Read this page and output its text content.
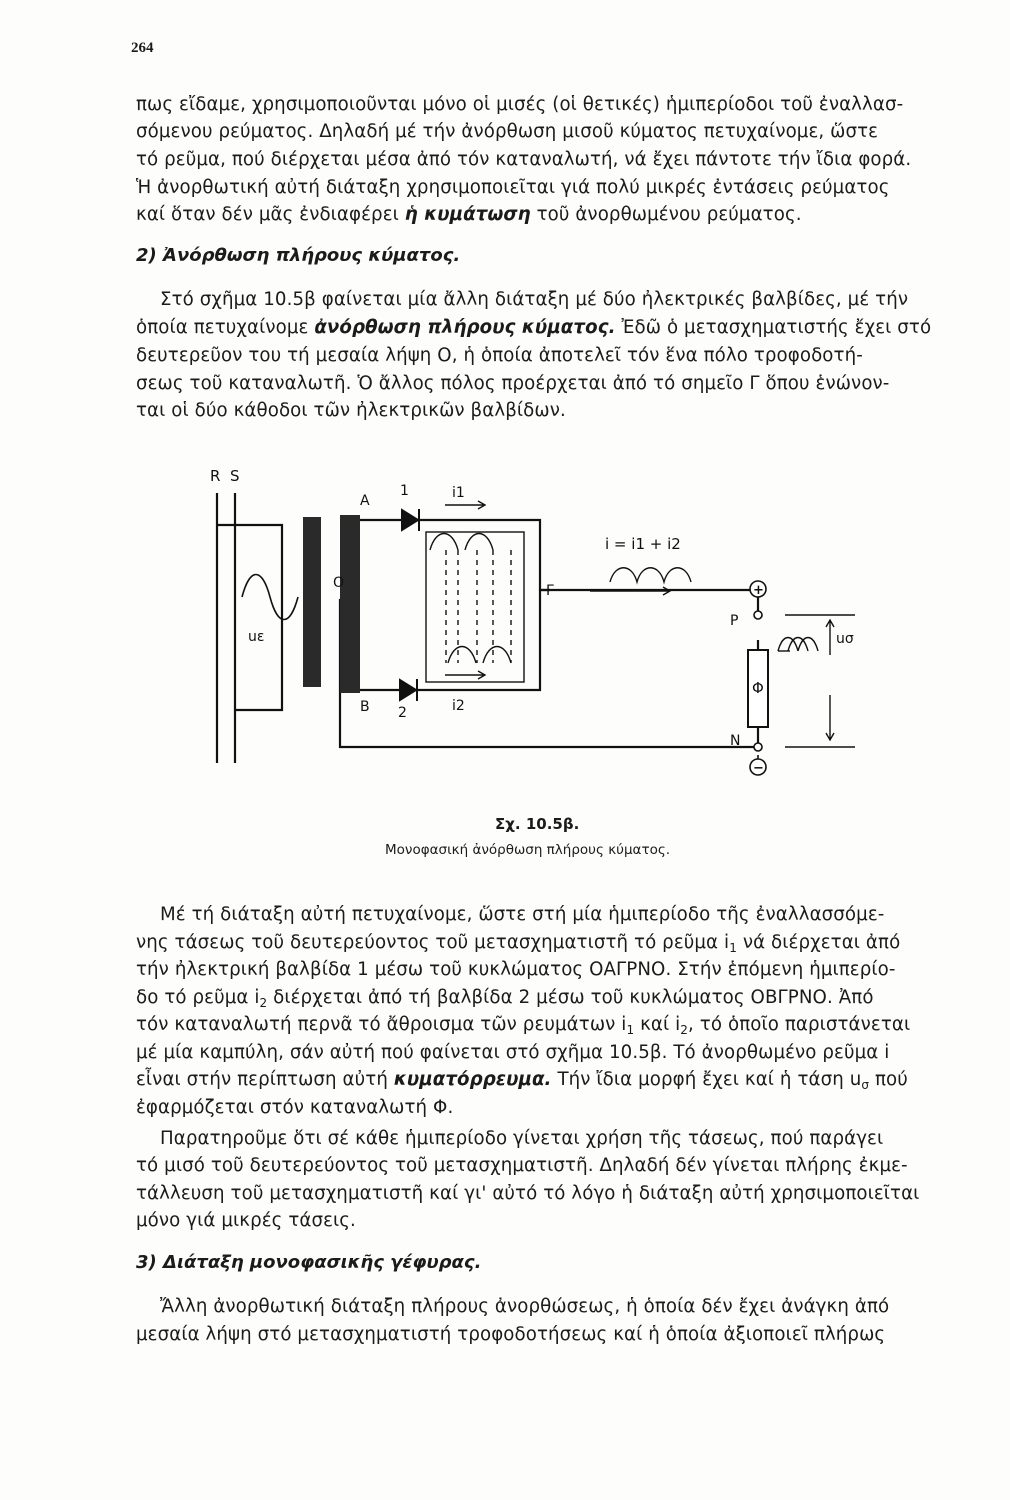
264
πως εἴδαμε, χρησιμοποιοῦνται μόνο οἱ μισές (οἱ θετικές) ἡμιπερίοδοι τοῦ ἐναλλασ-
σόμενου ρεύματος. Δηλαδή μέ τήν ἀνόρθωση μισοῦ κύματος πετυχαίνομε, ὥστε
τό ρεῦμα, πού διέρχεται μέσα ἀπό τόν καταναλωτή, νά ἔχει πάντοτε τήν ἴδια φορά.
Ἡ ἀνορθωτική αὐτή διάταξη χρησιμοποιεῖται γιά πολύ μικρές ἐντάσεις ρεύματος
καί ὅταν δέν μᾶς ἐνδιαφέρει ἡ κυμάτωση τοῦ ἀνορθωμένου ρεύματος.
2) Ἀνόρθωση πλήρους κύματος.
Στό σχῆμα 10.5β φαίνεται μία ἄλλη διάταξη μέ δύο ἠλεκτρικές βαλβίδες, μέ τήν
ὁποία πετυχαίνομε ἀνόρθωση πλήρους κύματος. Ἐδῶ ὁ μετασχηματιστής ἔχει στό
δευτερεῦον του τή μεσαία λήψη Ο, ἡ ὁποία ἀποτελεῖ τόν ἕνα πόλο τροφοδοτή-
σεως τοῦ καταναλωτῆ. Ὁ ἄλλος πόλος προέρχεται ἀπό τό σημεῖο Γ ὅπου ἑνώνον-
ται οἱ δύο κάθοδοι τῶν ἠλεκτρικῶν βαλβίδων.
R S
uε
O
A
B
1
2
i1
i2
i = i1 + i2
Γ
P
N
Φ
uσ
+
−
Σχ. 10.5β.
Μονοφασική ἀνόρθωση πλήρους κύματος.
Μέ τή διάταξη αὐτή πετυχαίνομε, ὥστε στή μία ἡμιπερίοδο τῆς ἐναλλασσόμε-
νης τάσεως τοῦ δευτερεύοντος τοῦ μετασχηματιστῆ τό ρεῦμα $i_1$ νά διέρχεται ἀπό
τήν ἠλεκτρική βαλβίδα 1 μέσω τοῦ κυκλώματος ΟΑΓΡΝΟ. Στήν ἑπόμενη ἡμιπερίο-
δο τό ρεῦμα $i_2$ διέρχεται ἀπό τή βαλβίδα 2 μέσω τοῦ κυκλώματος ΟΒΓΡΝΟ. Ἀπό
τόν καταναλωτή περνᾶ τό ἄθροισμα τῶν ρευμάτων $i_1$ καί $i_2$, τό ὁποῖο παριστάνεται
μέ μία καμπύλη, σάν αὐτή πού φαίνεται στό σχῆμα 10.5β. Τό ἀνορθωμένο ρεῦμα i
εἶναι στήν περίπτωση αὐτή κυματόρρευμα. Τήν ἴδια μορφή ἔχει καί ἡ τάση $u_\sigma$ πού
ἐφαρμόζεται στόν καταναλωτή Φ.
Παρατηροῦμε ὅτι σέ κάθε ἡμιπερίοδο γίνεται χρήση τῆς τάσεως, πού παράγει
τό μισό τοῦ δευτερεύοντος τοῦ μετασχηματιστῆ. Δηλαδή δέν γίνεται πλήρης ἐκμε-
τάλλευση τοῦ μετασχηματιστῆ καί γι' αὐτό τό λόγο ἡ διάταξη αὐτή χρησιμοποιεῖται
μόνο γιά μικρές τάσεις.
3) Διάταξη μονοφασικῆς γέφυρας.
Ἄλλη ἀνορθωτική διάταξη πλήρους ἀνορθώσεως, ἡ ὁποία δέν ἔχει ἀνάγκη ἀπό
μεσαία λήψη στό μετασχηματιστή τροφοδοτήσεως καί ἡ ὁποία ἀξιοποιεῖ πλήρως
